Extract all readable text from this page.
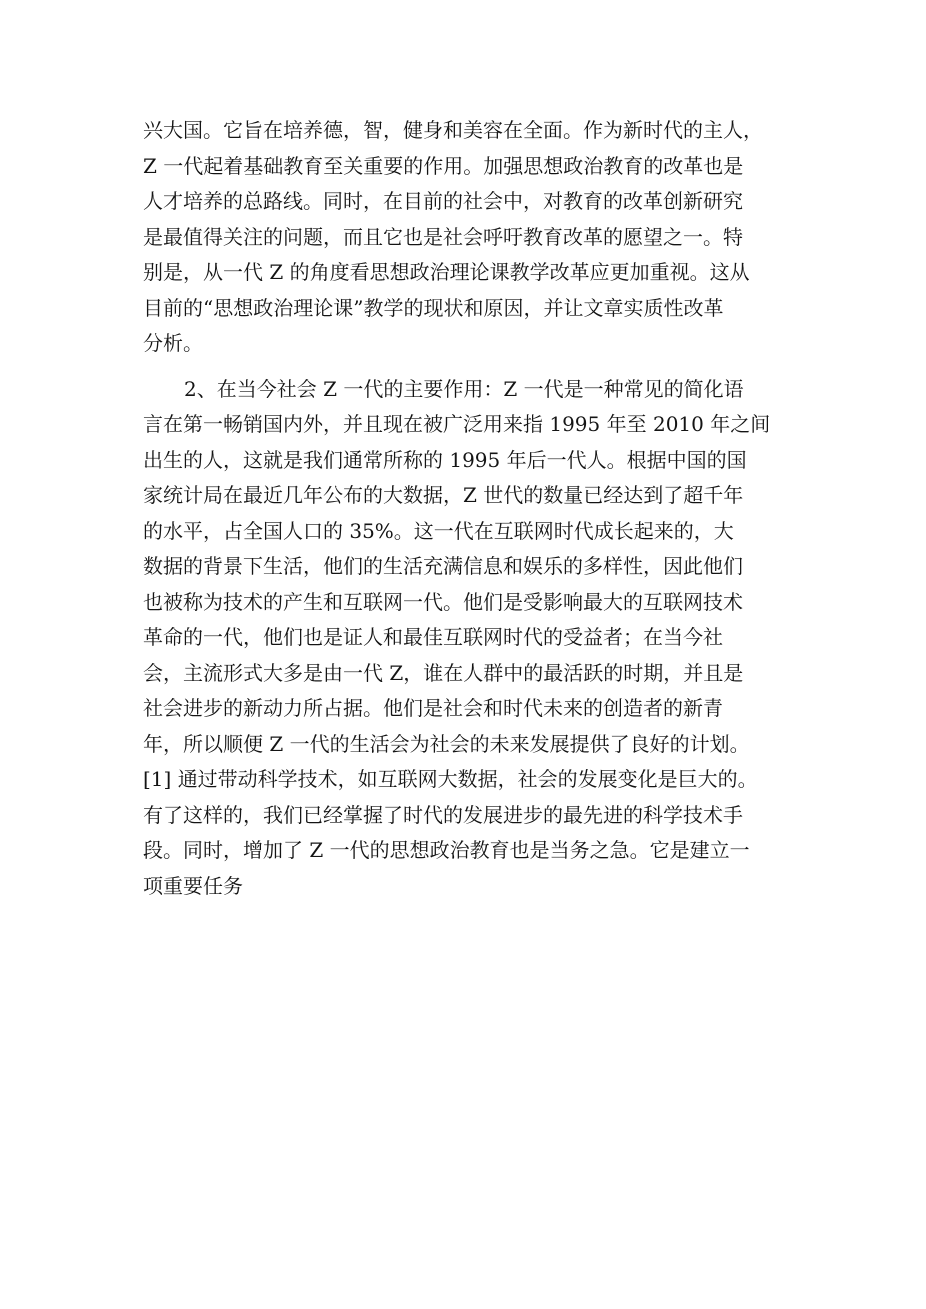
兴大国。它旨在培养德，智，健身和美容在全面。作为新时代的主人，
Z 一代起着基础教育至关重要的作用。加强思想政治教育的改革也是
人才培养的总路线。同时，在目前的社会中，对教育的改革创新研究
是最值得关注的问题，而且它也是社会呼吁教育改革的愿望之一。特
别是，从一代 Z 的角度看思想政治理论课教学改革应更加重视。这从
目前的“思想政治理论课”教学的现状和原因，并让文章实质性改革
分析。
2、在当今社会 Z 一代的主要作用：Z 一代是一种常见的简化语
言在第一畅销国内外，并且现在被广泛用来指 1995 年至 2010 年之间
出生的人，这就是我们通常所称的 1995 年后一代人。根据中国的国
家统计局在最近几年公布的大数据，Z 世代的数量已经达到了超千年
的水平，占全国人口的 35%。这一代在互联网时代成长起来的，大
数据的背景下生活，他们的生活充满信息和娱乐的多样性，因此他们
也被称为技术的产生和互联网一代。他们是受影响最大的互联网技术
革命的一代，他们也是证人和最佳互联网时代的受益者；在当今社
会，主流形式大多是由一代 Z，谁在人群中的最活跃的时期，并且是
社会进步的新动力所占据。他们是社会和时代未来的创造者的新青
年，所以顺便 Z 一代的生活会为社会的未来发展提供了良好的计划。
[1] 通过带动科学技术，如互联网大数据，社会的发展变化是巨大的。
有了这样的，我们已经掌握了时代的发展进步的最先进的科学技术手
段。同时，增加了 Z 一代的思想政治教育也是当务之急。它是建立一
项重要任务
